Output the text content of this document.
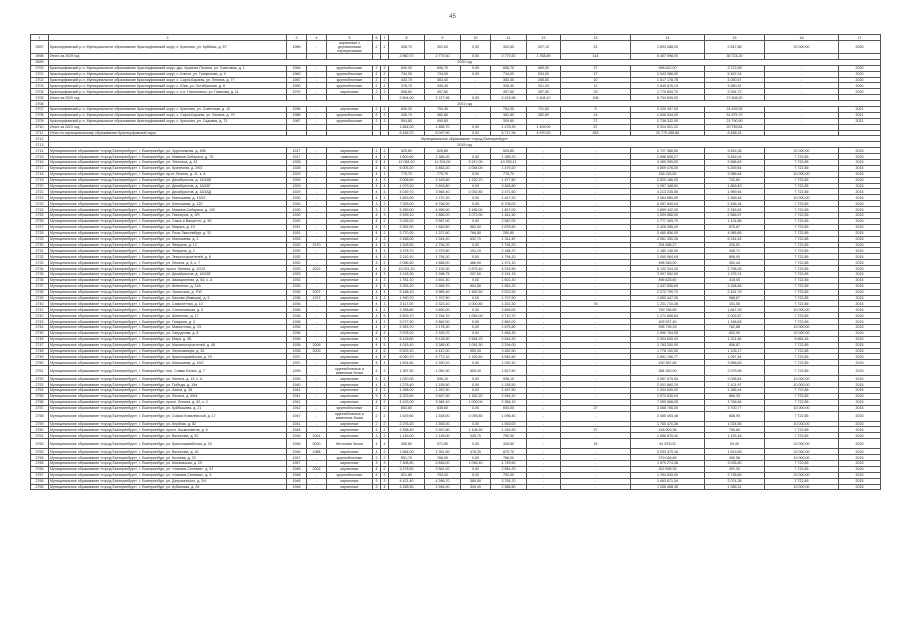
45
1	2	3	4	5	6	7	8	9	10	11	12	13	14	15	16	17
2697	Красноуфимский р-н, Муниципальное образование Красноуфимский округ, с. Крылово, ул. Куйбаса, д. 57	1986	-	кирпичные с деревянными перекрытиями	2	2	636,70	302,60	0,00	302,60	327,10	24	1 893 088,00	2 547,86	10 000,00	2026
2698	Итого за 2019 год						2 860,70	2 779,30	0,00	2 779,30	1 768,89	114	6 457 998,00	36 724,20		
2699	2020 год															
2700	Красноуфимский р-н, Муниципальное образование Красноуфимский округ, дер. Красная Поляна, ул. Трактовая, д. 1	1984	-	крупноблочные	2	2	640,00	606,70	0,00	606,70	560,00	27	998 622,00	3 722,55	-	2020
2701	Красноуфимский р-н, Муниципальное образование Красноуфимский округ, с. Ключи, ул. Трифонова, д. 9	1980	-	крупноблочные	2	2	734,00	734,00	0,00	734,00	534,00	27	2 543 986,00	5 467,04	-	2020
2702	Красноуфимский р-н, Муниципальное образование Красноуфимский округ, с. Сарга-Бараны, ул. Ленина, д. 77	1987	-	крупноблочные	2	2	432,70	363,40	-	363,40	285,60	10	1 517 178,78	3 050,57	-	2020
2703	Красноуфимский р-н, Муниципальное образование Красноуфимский округ, с. Юва, ул. Октябрьская, д. 6	1990	-	крупноблочные	2	2	378,70	335,30	-	335,30	321,20	12	1 849 876,13	3 380,91	-	2020
2704	Красноуфимский р-н, Муниципальное образование Красноуфимский округ, с. н.п. Натальинск, ул. Павлова, д. 11	1970	-	кирпичные	2	2	508,60	497,60	-	497,60	497,50	29	1 775 609,70	2 094,73	-	2020
2705	Итого за 2020 год						2 694,00	2 377,96	0,00	2 423,96	2 408,10	108	8 704 805,93	27 608,20		
2706	2021 год															
2707	Красноуфимский р-н, Муниципальное образование Красноуфимский округ, с. Крылово, ул. Советская, д. 12	1996	-	кирпичные	2	2	840,20	754,30	-	754,30	721,60	9	3 229 497,00	24 439,26	-	2021
2708	Красноуфимский р-н, Муниципальное образование Красноуфимский округ, с. Сарга-Бараны, ул. Ленина, д. 79	1986	-	крупноблочные	2	2	436,70	382,80	-	382,80	382,80	14	1 846 544,00	31 875,70	-	2021
2709	Красноуфимский р-н, Муниципальное образование Красноуфимский округ, с. Крылово, ул. Садовая, д. 73	1987	-	крупноблочные	2	3	504,80	490,60	-	309,80	-	27	2 738 332,00	21 790,90	-	2021
2710	Итого за 2021 год						1 844,00	1 685,70	0,00	1 478,30	1 409,00	67	5 914 521,22	20 759,84		
2711	Итого по муниципальному образованию Красноуфимский округ						6 448,70	6 097,90	0,00	6 717,94	4 970,90	283	20 779 456,68	8 488,24		
2712	Муниципальное образование «город Екатеринбург»															
2713	2015 год															
2714	Муниципальное образование «город Екатеринбург», г. Екатеринбург, ул. Хрустальная, д. 49Б	1917	-	кирпичные	2	2	525,80	525,80	-	525,80	-	-	2 727 366,50	9 615,36	10 000,00	2015
2715	Муниципальное образование «город Екатеринбург», г. Екатеринбург, ул. Мамина-Сибиряка, д. 75	1917	-	каменные	4	1	1 600,60	1 385,20	0,00	1 385,20	-	-	1 698 606,27	5 462,04	7 722,85	2015
2716	Муниципальное образование «город Екатеринбург», г. Екатеринбург, ул. Энгельса, д. 41	1928	-	кирпичные	5	4	12 084,10	11 204,00	3 247,00	10 263,11	-	-	4 269 095,00	3 686,63	7 722,85	2015
2717	Муниципальное образование «город Екатеринбург», г. Екатеринбург, ул. Кузнечная, д. 29/3	1928	-	кирпичные	4	3	6 005,20	3 863,20	1 054,00	1 479,20	-	-	4 809 476,00	5 269,84	7 722,85	2015
2718	Муниципальное образование «город Екатеринбург», г. Екатеринбург, пр-кт Ленина, д. 11, к. А	1929	-	кирпичные	4	1	775,70	775,70	0,00	775,70	-	-	165 015,50	3 986,64	10 000,00	2015
2719	Муниципальное образование «город Екатеринбург», г. Екатеринбург, ул. Декабристов, д. 16/18В	1929	-	кирпичные	4	3	3 008,50	2 163,80	1 220,70	1 477,80	-	-	2 820 186,20	742,60	7 722,85	2015
2720	Муниципальное образование «город Екатеринбург», г. Екатеринбург, ул. Декабристов, д. 16/18Г	1929	-	кирпичные	4	4	4 079,20	3 463,80	0,00	3 463,80	-	-	1 097 168,60	1 869,40	7 722,85	2015
2721	Муниципальное образование «город Екатеринбург», г. Екатеринбург, ул. Декабристов, д. 16/18Д	1929	-	кирпичные	4	5	4 039,70	3 564,40	1 092,80	2 471,60	-	-	4 213 235,55	1 969,64	7 722,85	2015
2722	Муниципальное образование «город Екатеринбург», г. Екатеринбург, ул. Малышева, д. 19/22	1930	-	кирпичные	4	3	1 833,90	1 737,20	0,00	1 447,20	-	-	3 064 589,09	2 389,46	10 000,00	2015
2723	Муниципальное образование «город Екатеринбург», г. Екатеринбург, ул. Малышева, д. 120	1930	-	кирпичные	3	2	7 325,00	6 708,00	0,00	6 708,00	-	-	8 287 649,04	2 456,34	7 722,85	2015
2724	Муниципальное образование «город Екатеринбург», г. Екатеринбург, ул. Мамина-Сибиряка, д. 120	1930	-	кирпичные	3	2	5 289,00	4 990,00	3 165,00	1 827,00	-	-	1 899 442,00	2 345,62	7 722,85	2015
2725	Муниципальное образование «город Екатеринбург», г. Екатеринбург, ул. Пионеров, д. 9/9	1930	-	кирпичные	4	3	2 499,10	1 885,20	1 073,90	1 811,30	-	-	1 599 886,00	2 566,57	7 722,85	2015
2726	Муниципальное образование «город Екатеринбург», г. Екатеринбург, ул. Сакко и Ванцетти, д. 50	1930	-	кирпичные	4	2	3 035,30	2 587,00	0,00	2 587,00	-	-	1 777 405,70	1 124,88	7 722,85	2015
2727	Муниципальное образование «город Екатеринбург», г. Екатеринбург, ул. Марата, д. 19	1931	-	кирпичные	4	2	2 952,90	1 840,50	962,00	1 878,50	-	-	2 426 396,20	875,87	7 722,85	2015
2728	Муниципальное образование «город Екатеринбург», г. Екатеринбург, ул. Розы Люксембург, д. 32	1931	-	кирпичные	4	2	3 770,20	1 227,60	766,80	290,80	-	-	3 460 856,00	4 985,85	7 722,85	2015
2729	Муниципальное образование «город Екатеринбург», г. Екатеринбург, ул. Малышева, д. 2	1932	-	кирпичные	4	3	2 468,00	1 944,20	632,70	1 311,40	-	-	2 961 350,26	5 244,44	7 722,85	2015
2730	Муниципальное образование «город Екатеринбург», г. Екатеринбург, ул. Февраля, д. 12	1932	1970	кирпичные	4	3	1 528,50	1 794,20	0,00	1 794,20	-	-	294 688,27	226,51	7 722,85	2015
2731	Муниципальное образование «город Екатеринбург», г. Екатеринбург, ул. Февраля, д. 2	1932	-	кирпичные	4	3	3 278,70	2 379,90	191,20	2 188,70	-	-	1 180 146,90	445,71	7 722,85	2015
2732	Муниципальное образование «город Екатеринбург», г. Екатеринбург, ул. Энергостроителей, д. 8	1932	-	кирпичные	4	3	2 110,10	1 794,20	0,00	1 794,20	-	-	1 060 584,09	898,00	7 722,85	2015
2733	Муниципальное образование «город Екатеринбург», г. Екатеринбург, ул. Ленина, д. 5, к. 7	1932	-	кирпичные	3	2	2 066,50	1 858,00	486,90	1 371,10	-	-	998 345,00	392,44	7 722,85	2015
2734	Муниципальное образование «город Екатеринбург», г. Екатеринбург, просп. Ленина, д. 11/23	1933	2022	кирпичные	4	3	10 031,20	7 191,30	2 875,40	4 315,90	-	-	5 142 314,43	2 796,26	7 722,85	2015
2735	Муниципальное образование «город Екатеринбург», г. Екатеринбург, ул. Декабристов, д. 16/18Е	1933	-	кирпичные	4	3	4 128,30	2 398,75	207,60	2 191,15	-	-	3 397 652,00	1 376,74	7 722,85	2015
2736	Муниципальное образование «город Екатеринбург», г. Екатеринбург, ул. Авиационная, д. 63, к. А	1933	-	кирпичные	4	3	1 781,10	1 601,30	0,00	1 601,30	-	-	896 625,60	415,05	7 722,85	2015
2737	Муниципальное образование «город Екатеринбург», г. Екатеринбург, ул. Шевченко, д. 14А	1935	-	кирпичные	4	3	3 326,20	2 366,70	804,50	1 562,20	-	-	1 447 836,69	3 168,46	7 722,85	2015
2738	Муниципальное образование «город Екатеринбург», г. Екатеринбург, ул. Уральская, д. 70б	1935	2007	кирпичные	4	4	5 168,10	3 985,40	1 462,50	2 522,90	-	-	2 272 790,72	2 431,79	7 722,85	2015
2739	Муниципальное образование «город Екатеринбург», г. Екатеринбург, ул. Бажова (бывшая), д. 5	1936	1972	кирпичные	4	3	1 990,70	1 707,90	0,00	1 707,90	-	-	1 650 447,26	988,67	7 722,85	2015
2740	Муниципальное образование «город Екатеринбург», г. Екатеринбург, ул. Самолетная, д. 10	1936	-	кирпичные	4	3	3 117,00	2 323,10	1 000,80	1 322,30	-	76	1 231 710,38	151,55	7 722,85	2015
2741	Муниципальное образование «город Екатеринбург», г. Екатеринбург, ул. Стахановская, д. 5	1936	-	кирпичные	4	2	2 938,60	2 692,00	0,00	2 692,00	-	-	799 786,89	1 847,39	10 000,00	2015
2742	Муниципальное образование «город Екатеринбург», г. Екатеринбург, ул. Шевченко, д. 17	1936	-	кирпичные	4	5	4 529,70	3 764,70	1 054,00	2 710,70	-	-	1 171 608,54	2 002,67	7 722,85	2015
2743	Муниципальное образование «город Екатеринбург», г. Екатеринбург, ул. Гагарина, д. 3	1936	-	кирпичные	4	2	3 077,50	2 862,00	0,00	2 862,00	-	-	405 537,40	1 168,65	7 722,85	2015
2744	Муниципальное образование «город Екатеринбург», г. Екатеринбург, ул. Мамонтова, д. 23	1936	-	кирпичные	4	2	2 363,70	2 178,30	0,00	1 875,80	-	-	938 739,25	762,68	10 000,00	2015
2745	Муниципальное образование «город Екатеринбург», г. Екатеринбург, ул. Свердлова, д. 8	1936	-	кирпичные	4	3	2 578,20	2 339,70	0,00	1 964,30	-	-	1 690 784,08	652,09	10 000,00	2015
2746	Муниципальное образование «город Екатеринбург», г. Екатеринбург, ул. Мира, д. 3Б	1936	-	кирпичные	4	3	6 418,60	5 128,90	2 584,70	2 544,20	-	-	2 504 605,43	1 221,84	6 664,46	2015
2747	Муниципальное образование «город Екатеринбург», г. Екатеринбург, ул. Машиностроителей, д. 48	1936	2006	кирпичные	4	5	4 015,40	3 385,00	1 091,30	2 294,00	-	-	1 763 200,00	856,87	7 722,85	2015
2748	Муниципальное образование «город Екатеринбург», г. Екатеринбург, ул. Челюскинцев, д. 39	1936	2009	кирпичные	4	6	5 529,10	4 412,00	950,00	3 462,50	-	-	1 778 100,00	1 105,17	7 722,85	2015
2749	Муниципальное образование «город Екатеринбург», г. Екатеринбург, ул. Красноармейская, д. 29	1937	-	кирпичные	4	8	6 060,70	5 772,10	1 190,50	4 581,60	-	-	1 891 196,77	1 097,44	7 722,85	2015
2750	Муниципальное образование «город Екатеринбург», г. Екатеринбург, ул. Малышева, д. 19/2	1937	-	кирпичные	4	4	1 634,60	1 330,10	0,00	1 330,10	-	-	430 387,65	3 686,63	7 722,85	2015
2751	Муниципальное образование «город Екатеринбург», г. Екатеринбург, пер. Саввы Белых, д. 7	1939	-	крупноблочные и каменные блоки	4	3	1 357,50	1 050,30	505,40	1 827,80	-	-	384 263,00	2 075,96	7 722,85	2015
2752	Муниципальное образование «город Екатеринбург», г. Екатеринбург, ул. Ленина, д. 13, к. А	1939	-	кирпичные	3	2	1 020,90	936,10	0,00	936,10	-	-	3 557 675,54	2 036,84	10 000,00	2015
2753	Муниципальное образование «город Екатеринбург», г. Екатеринбург, ул. Победы, д. 19а	1940	-	кирпичные	4	3	1 278,40	1 155,50	0,00	1 155,50	-	-	2 001 660,29	2 101,97	10 000,00	2015
2754	Муниципальное образование «город Екатеринбург», г. Екатеринбург, ул. Азина, д. 38	1941	-	кирпичные	4	2	1 396,00	1 287,50	0,00	1 287,50	-	-	1 334 830,02	1 285,44	7 722,85	2015
2755	Муниципальное образование «город Екатеринбург», г. Екатеринбург, ул. Ленина, д. 69/4	1941	-	кирпичные	5	3	4 323,50	3 697,30	1 152,20	2 545,10	-	-	1 573 635,04	866,33	7 722,85	2015
2756	Муниципальное образование «город Екатеринбург», г. Екатеринбург, просп. Ленина, д. 62, к. 2	1941	-	кирпичные	4	2	4 103,00	3 384,10	1 000,00	2 384,10	-	-	7 060 566,05	1 766,84	7 722,85	2015
2757	Муниципальное образование «город Екатеринбург», г. Екатеринбург, ул. Куйбышева, д. 21	1942	-	крупноблочные	2	2	663,60	635,60	0,00	600,00	-	27	3 468 706,00	3 700,77	10 000,00	2015
2758	Муниципальное образование «город Екатеринбург», г. Екатеринбург, ул. Софьи Ковалевской, д. 17	1947	-	крупноблочные и каменные блоки	2	2	1 629,60	1 518,00	1 095,80	1 096,40	-	-	2 085 493,48	658,95	7 722,85	2015
2759	Муниципальное образование «город Екатеринбург», г. Екатеринбург, ул. Клубная, д. 82	1941	-	кирпичные	2	2	2 276,20	1 553,00	0,00	1 553,00	-	-	1 760 470,38	1 024,55	10 000,00	2015
2760	Муниципальное образование «город Екатеринбург», г. Екатеринбург, просп. Космонавтов, д. 5	1945	-	кирпичные	3	2	2 358,40	2 357,60	1 108,30	1 249,30	-	27	418 003,36	799,69	7 722,85	2015
2761	Муниципальное образование «город Екатеринбург», г. Екатеринбург, ул. Вилонова, д. 52	1945	2001	кирпичные	3	2	1 145,00	1 145,00	345,70	799,30	-	-	1 858 876,42	1 153,18	7 722,85	2015
2762	Муниципальное образование «город Екатеринбург», г. Екатеринбург, ул. Красноармейская, д. 24	1946	2000	бетонные блоки	4	4	395,60	371,80	0,00	328,60	-	34	61 875,03	93,49	10 000,00	2015
2763	Муниципальное образование «город Екатеринбург», г. Екатеринбург, ул. Вилонова, д. 16	1946	1988	кирпичные	4	2	1 564,00	1 351,90	476,20	875,70	-	-	3 033 470,16	1 813,83	10 000,00	2015
2764	Муниципальное образование «город Екатеринбург», г. Екатеринбург, ул. Кочнева, д. 22	1947	-	крупноблочные	2	2	851,70	766,00	0,00	766,00	-	-	279 026,89	490,58	10 000,00	2015
2765	Муниципальное образование «город Екатеринбург», г. Екатеринбург, ул. Московская, д. 29	1947	-	кирпичные	3	3	7 308,50	5 846,00	1 096,40	4 749,60	-	-	1 879 274,38	3 035,80	7 722,85	2015
2766	Муниципальное образование «город Екатеринбург», г. Екатеринбург, ул. «Чапаев-Сетевая», д. 57	1948	2002	кирпичные	4	2	3 278,50	2 581,20	0,00	2 581,20	-	-	302 895,39	491,00	7 722,85	2015
2767	Муниципальное образование «город Екатеринбург», г. Екатеринбург, ул. «Чапаев-Сетевая», д. 5	1948	-	крупноблочные	4	2	821,80	753,00	0,00	753,00	-	-	1 294 639,00	2 738,65	10 000,00	2015
2768	Муниципальное образование «город Екатеринбург», г. Екатеринбург, ул. Дзержинского, д. 2/4	1948	-	кирпичные	3	3	4 421,40	4 286,70	380,50	3 755,70	-	-	1 463 671,34	2 074,38	7 722,85	2015
2769	Муниципальное образование «город Екатеринбург», г. Екатеринбург, ул. Кубанская, д. 39	1948	-	кирпичные	3	4	3 265,50	2 946,00	349,40	2 586,60	-	-	1 036 468,45	1 088,31	10 000,00	2015
